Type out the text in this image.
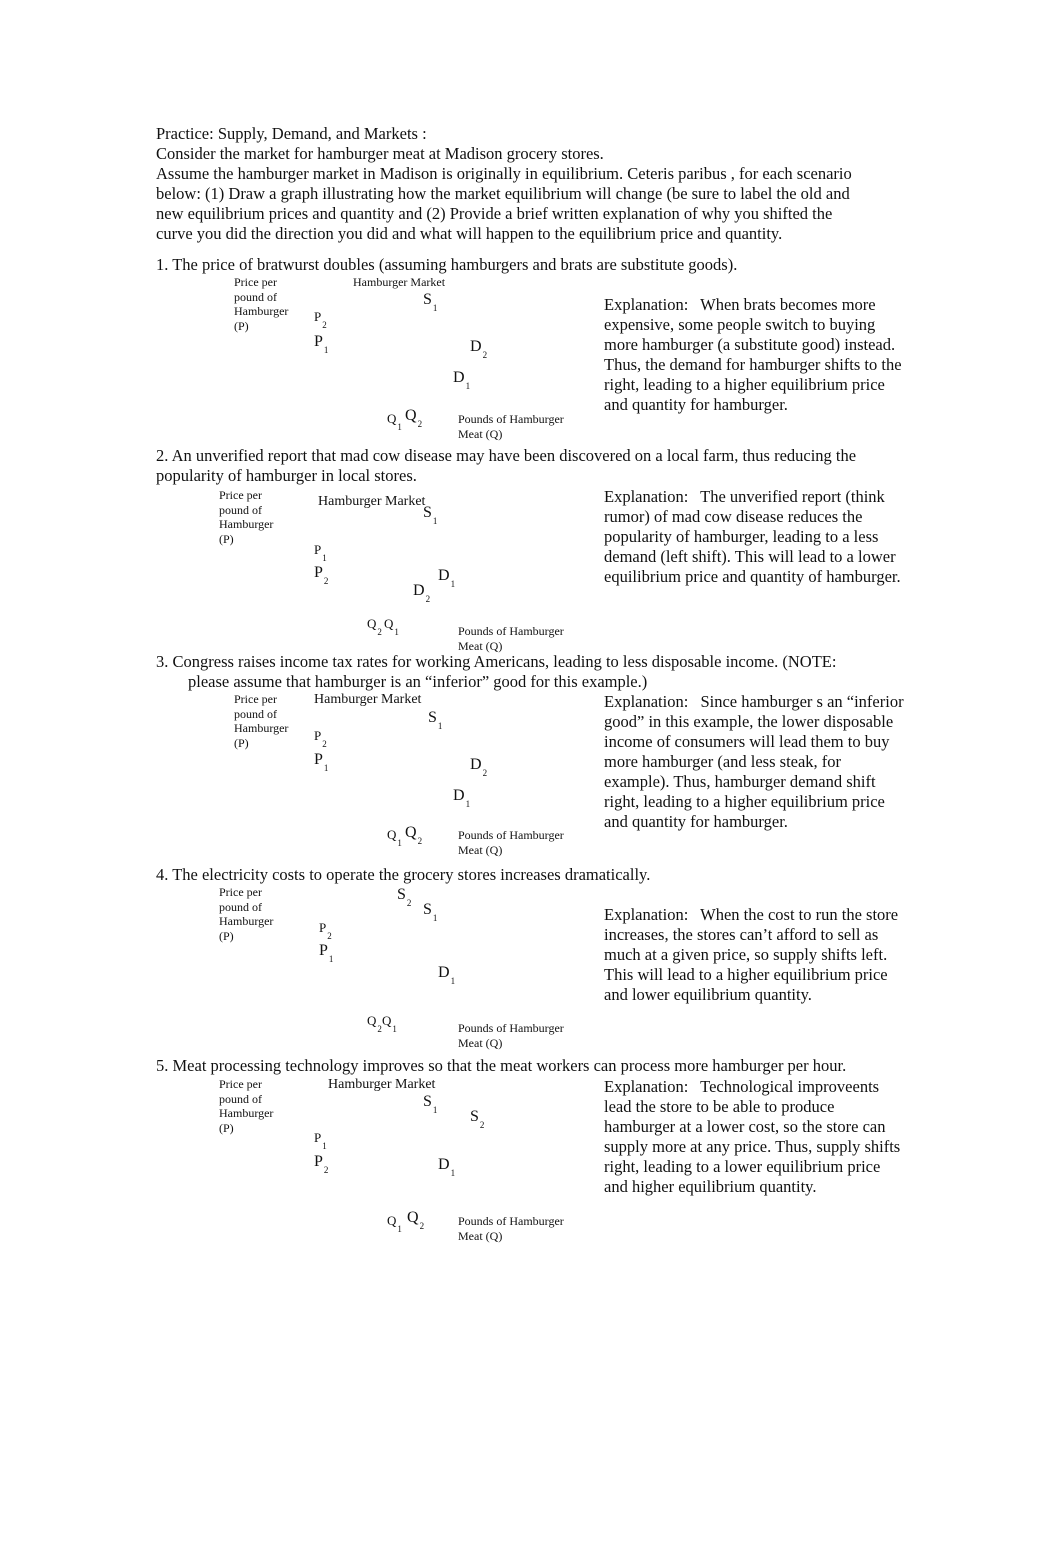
Practice: Supply, Demand, and Markets :
Consider the market for hamburger meat at Madison grocery stores.
Assume the hamburger market in Madison is originally in equilibrium. Ceteris paribus , for each scenario
below: (1) Draw a graph illustrating how the market equilibrium will change (be sure to label the old and
new equilibrium prices and quantity and (2) Provide a brief written explanation of why you shifted the
curve you did the direction you did and what will happen to the equilibrium price and quantity.
1. The price of bratwurst doubles (assuming hamburgers and brats are substitute goods).
Price per
pound of
Hamburger
(P)
Hamburger Market
$S_1$
$P_2$
$P_1$	$D_2$
$D_1$
$Q_1$
$Q_2$	Pounds of Hamburger
Meat (Q)
Explanation: When brats becomes more expensive, some people switch to buying more hamburger (a substitute good) instead. Thus, the demand for hamburger shifts to the right, leading to a higher equilibrium price and quantity for hamburger.
2. An unverified report that mad cow disease may have been discovered on a local farm, thus reducing the
popularity of hamburger in local stores.
Price per
pound of
Hamburger
(P)
Hamburger Market
$S_1$
$P_1$
$P_2$	$D_1$
$D_2$
$Q_2$
$Q_1$	Pounds of Hamburger
Meat (Q)
Explanation: The unverified report (think rumor) of mad cow disease reduces the popularity of hamburger, leading to a less demand (left shift). This will lead to a lower equilibrium price and quantity of hamburger.
3. Congress raises income tax rates for working Americans, leading to less disposable income. (NOTE:
please assume that hamburger is an “inferior” good for this example.)
Price per
pound of
Hamburger
(P)
Hamburger Market
$S_1$
$P_2$
$P_1$	$D_2$
$D_1$
$Q_1$
$Q_2$	Pounds of Hamburger
Meat (Q)
Explanation: Since hamburger s an “inferior good” in this example, the lower disposable income of consumers will lead them to buy more hamburger (and less steak, for example). Thus, hamburger demand shift right, leading to a higher equilibrium price and quantity for hamburger.
4. The electricity costs to operate the grocery stores increases dramatically.
Price per
pound of
Hamburger
(P)
$S_2$ $S_1$
$P_2$
$P_1$
$D_1$
$Q_2$
$Q_1$	Pounds of Hamburger
Meat (Q)
Explanation: When the cost to run the store increases, the stores can’t afford to sell as much at a given price, so supply shifts left. This will lead to a higher equilibrium price and lower equilibrium quantity.
5. Meat processing technology improves so that the meat workers can process more hamburger per hour.
Price per
pound of
Hamburger
(P)
Hamburger Market
$S_1$ $S_2$
$P_1$
$P_2$	$D_1$
$Q_1$
$Q_2$	Pounds of Hamburger
Meat (Q)
Explanation: Technological improveents lead the store to be able to produce hamburger at a lower cost, so the store can supply more at any price. Thus, supply shifts right, leading to a lower equilibrium price and higher equilibrium quantity.
